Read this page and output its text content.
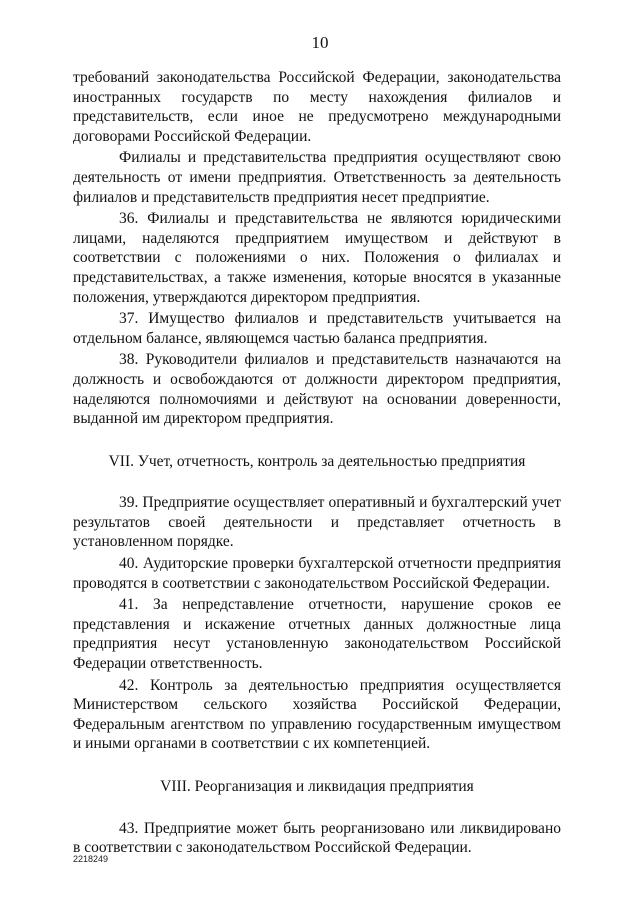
10

требований законодательства Российской Федерации, законодательства иностранных государств по месту нахождения филиалов и представительств, если иное не предусмотрено международными договорами Российской Федерации.

Филиалы и представительства предприятия осуществляют свою деятельность от имени предприятия. Ответственность за деятельность филиалов и представительств предприятия несет предприятие.

36. Филиалы и представительства не являются юридическими лицами, наделяются предприятием имуществом и действуют в соответствии с положениями о них. Положения о филиалах и представительствах, а также изменения, которые вносятся в указанные положения, утверждаются директором предприятия.

37. Имущество филиалов и представительств учитывается на отдельном балансе, являющемся частью баланса предприятия.

38. Руководители филиалов и представительств назначаются на должность и освобождаются от должности директором предприятия, наделяются полномочиями и действуют на основании доверенности, выданной им директором предприятия.

VII. Учет, отчетность, контроль за деятельностью предприятия

39. Предприятие осуществляет оперативный и бухгалтерский учет результатов своей деятельности и представляет отчетность в установленном порядке.

40. Аудиторские проверки бухгалтерской отчетности предприятия проводятся в соответствии с законодательством Российской Федерации.

41. За непредставление отчетности, нарушение сроков ее представления и искажение отчетных данных должностные лица предприятия несут установленную законодательством Российской Федерации ответственность.

42. Контроль за деятельностью предприятия осуществляется Министерством сельского хозяйства Российской Федерации, Федеральным агентством по управлению государственным имуществом и иными органами в соответствии с их компетенцией.

VIII. Реорганизация и ликвидация предприятия

43. Предприятие может быть реорганизовано или ликвидировано в соответствии с законодательством Российской Федерации.

2218249
